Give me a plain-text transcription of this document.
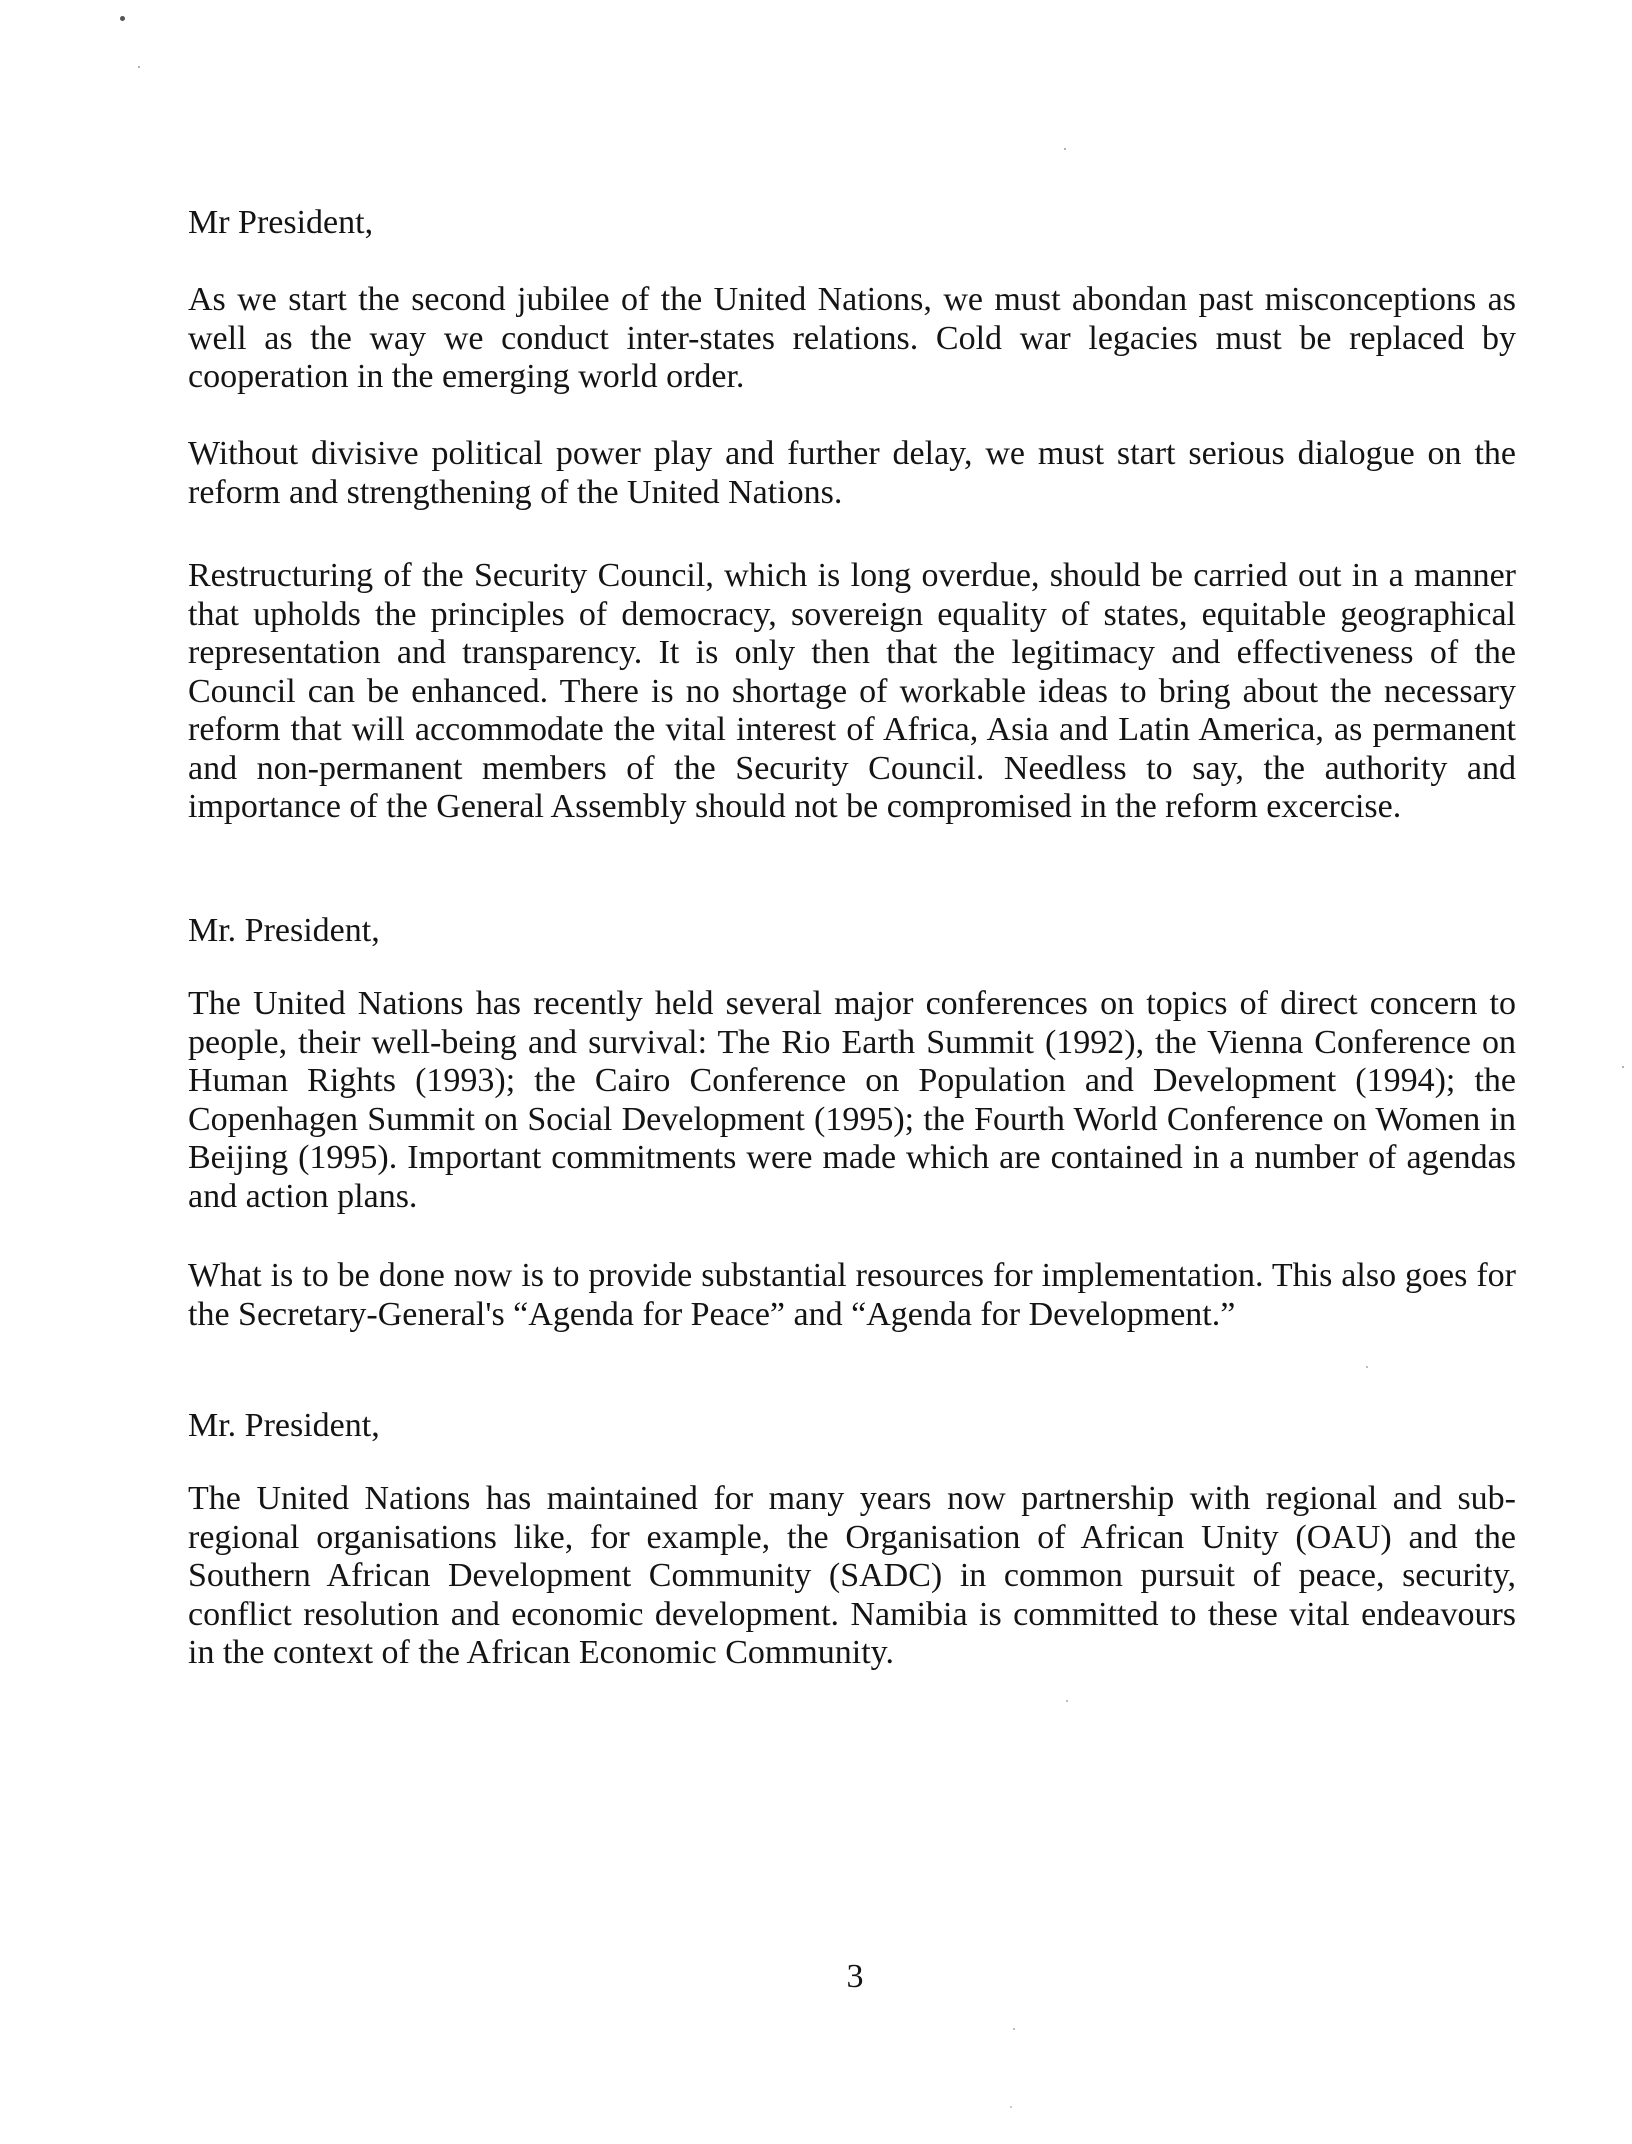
Mr President,

As we start the second jubilee of the United Nations, we must abondan past misconceptions as well as the way we conduct inter-states relations. Cold war legacies must be replaced by cooperation in the emerging world order.

Without divisive political power play and further delay, we must start serious dialogue on the reform and strengthening of the United Nations.

Restructuring of the Security Council, which is long overdue, should be carried out in a manner that upholds the principles of democracy, sovereign equality of states, equitable geographical representation and transparency. It is only then that the legitimacy and effectiveness of the Council can be enhanced. There is no shortage of workable ideas to bring about the necessary reform that will accommodate the vital interest of Africa, Asia and Latin America, as permanent and non-permanent members of the Security Council. Needless to say, the authority and importance of the General Assembly should not be compromised in the reform excercise.

Mr. President,

The United Nations has recently held several major conferences on topics of direct concern to people, their well-being and survival: The Rio Earth Summit (1992), the Vienna Conference on Human Rights (1993); the Cairo Conference on Population and Development (1994); the Copenhagen Summit on Social Development (1995); the Fourth World Conference on Women in Beijing (1995). Important commitments were made which are contained in a number of agendas and action plans.

What is to be done now is to provide substantial resources for implementation. This also goes for the Secretary-General's “Agenda for Peace” and “Agenda for Development.”

Mr. President,

The United Nations has maintained for many years now partnership with regional and sub-regional organisations like, for example, the Organisation of African Unity (OAU) and the Southern African Development Community (SADC) in common pursuit of peace, security, conflict resolution and economic development. Namibia is committed to these vital endeavours in the context of the African Economic Community.

3
